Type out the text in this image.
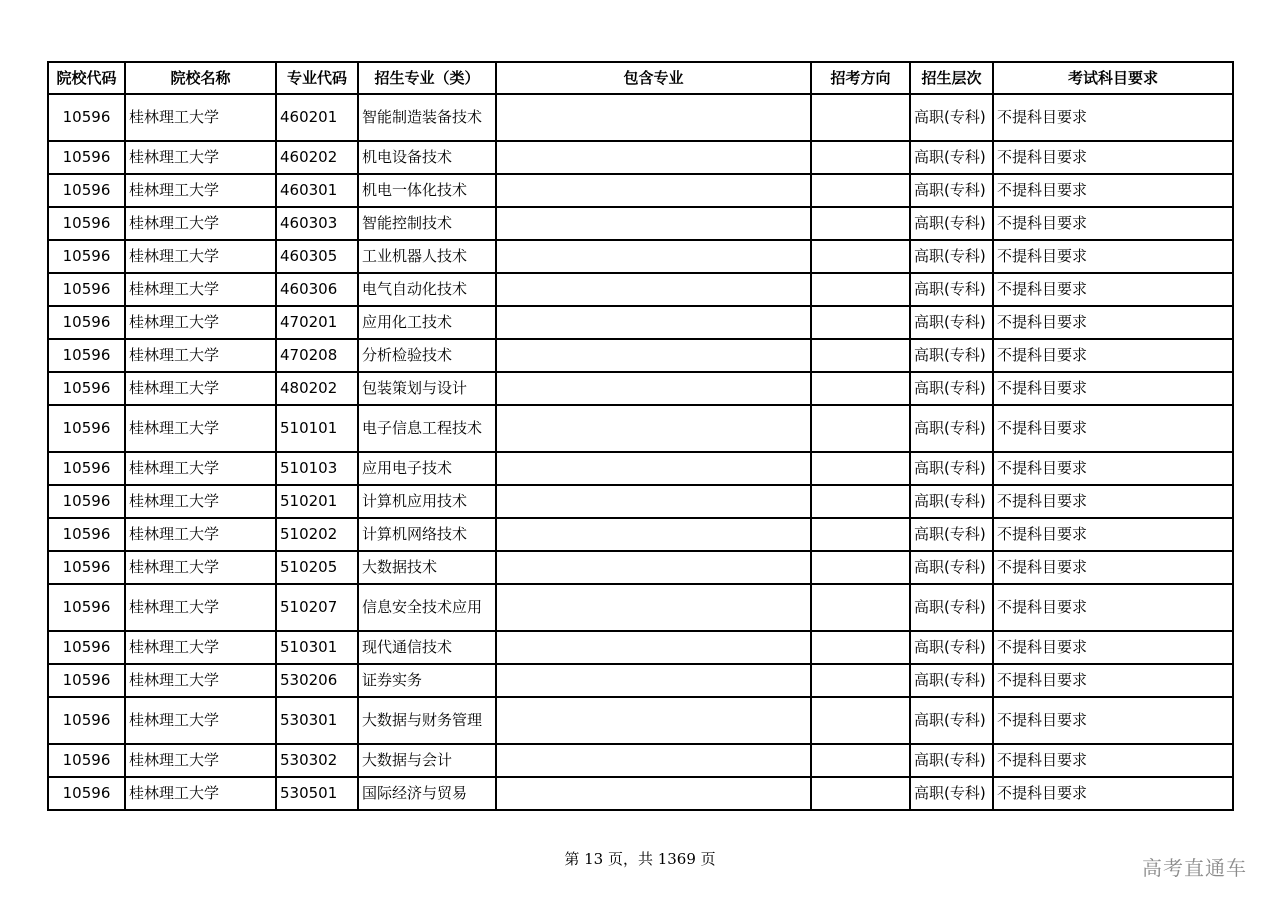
院校代码	院校名称	专业代码	招生专业（类）	包含专业	招考方向	招生层次	考试科目要求
10596	桂林理工大学	460201	智能制造装备技术			高职(专科)	不提科目要求
10596	桂林理工大学	460202	机电设备技术			高职(专科)	不提科目要求
10596	桂林理工大学	460301	机电一体化技术			高职(专科)	不提科目要求
10596	桂林理工大学	460303	智能控制技术			高职(专科)	不提科目要求
10596	桂林理工大学	460305	工业机器人技术			高职(专科)	不提科目要求
10596	桂林理工大学	460306	电气自动化技术			高职(专科)	不提科目要求
10596	桂林理工大学	470201	应用化工技术			高职(专科)	不提科目要求
10596	桂林理工大学	470208	分析检验技术			高职(专科)	不提科目要求
10596	桂林理工大学	480202	包装策划与设计			高职(专科)	不提科目要求
10596	桂林理工大学	510101	电子信息工程技术			高职(专科)	不提科目要求
10596	桂林理工大学	510103	应用电子技术			高职(专科)	不提科目要求
10596	桂林理工大学	510201	计算机应用技术			高职(专科)	不提科目要求
10596	桂林理工大学	510202	计算机网络技术			高职(专科)	不提科目要求
10596	桂林理工大学	510205	大数据技术			高职(专科)	不提科目要求
10596	桂林理工大学	510207	信息安全技术应用			高职(专科)	不提科目要求
10596	桂林理工大学	510301	现代通信技术			高职(专科)	不提科目要求
10596	桂林理工大学	530206	证券实务			高职(专科)	不提科目要求
10596	桂林理工大学	530301	大数据与财务管理			高职(专科)	不提科目要求
10596	桂林理工大学	530302	大数据与会计			高职(专科)	不提科目要求
10596	桂林理工大学	530501	国际经济与贸易			高职(专科)	不提科目要求
第 13 页，共 1369 页	高考直通车
